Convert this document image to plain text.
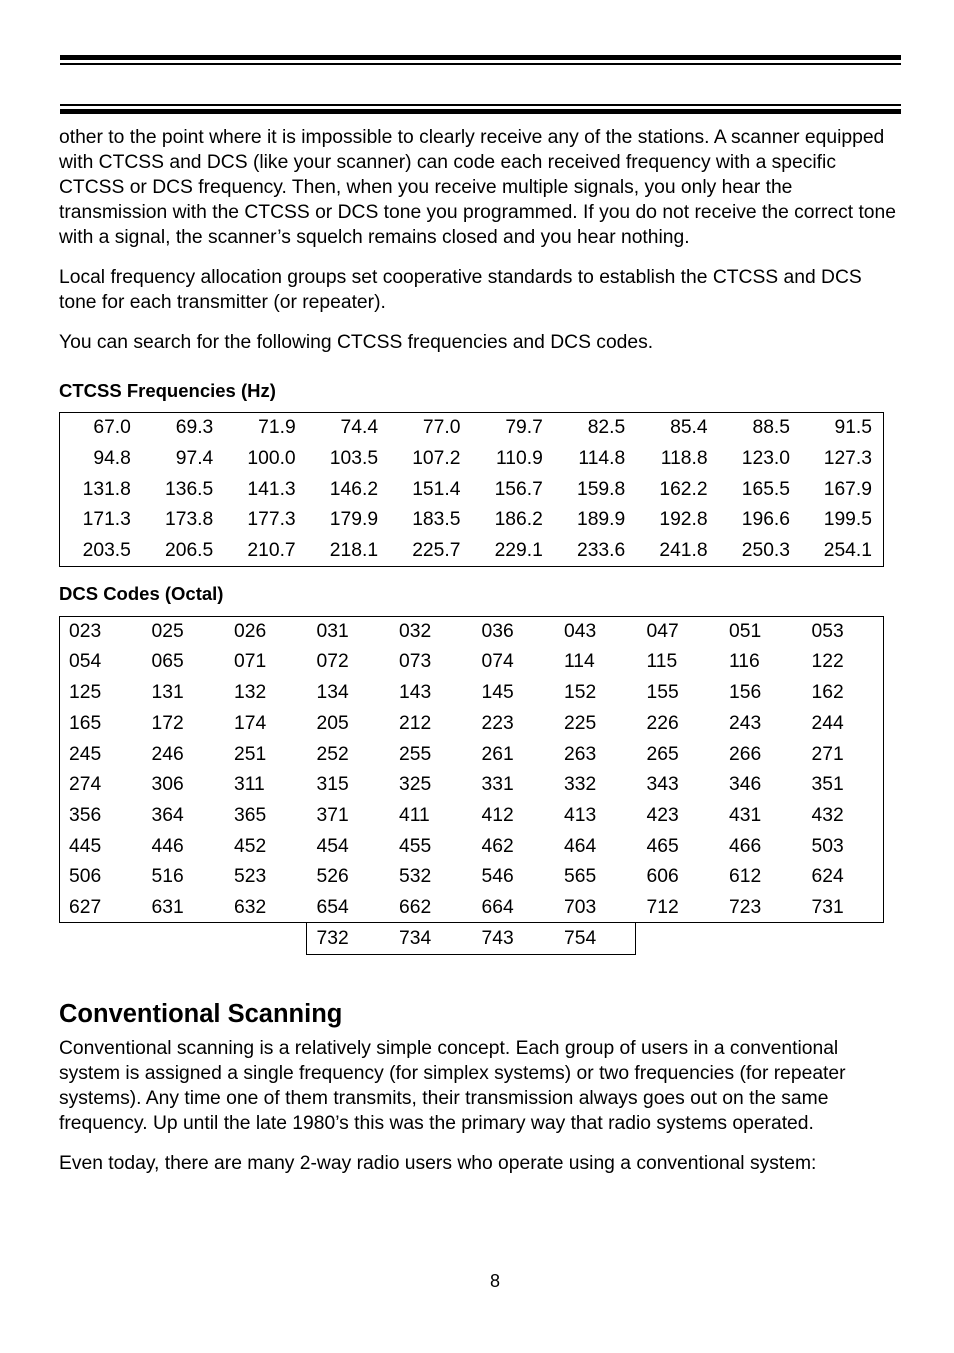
other to the point where it is impossible to clearly receive any of the stations. A scanner equipped with CTCSS and DCS (like your scanner) can code each received frequency with a specific CTCSS or DCS frequency. Then, when you receive multiple signals, you only hear the transmission with the CTCSS or DCS tone you programmed. If you do not receive the correct tone with a signal, the scanner’s squelch remains closed and you hear nothing.

Local frequency allocation groups set cooperative standards to establish the CTCSS and DCS tone for each transmitter (or repeater).

You can search for the following CTCSS frequencies and DCS codes.

CTCSS Frequencies (Hz)
67.0	69.3	71.9	74.4	77.0	79.7	82.5	85.4	88.5	91.5
94.8	97.4	100.0	103.5	107.2	110.9	114.8	118.8	123.0	127.3
131.8	136.5	141.3	146.2	151.4	156.7	159.8	162.2	165.5	167.9
171.3	173.8	177.3	179.9	183.5	186.2	189.9	192.8	196.6	199.5
203.5	206.5	210.7	218.1	225.7	229.1	233.6	241.8	250.3	254.1
DCS Codes (Octal)
023	025	026	031	032	036	043	047	051	053
054	065	071	072	073	074	114	115	116	122
125	131	132	134	143	145	152	155	156	162
165	172	174	205	212	223	225	226	243	244
245	246	251	252	255	261	263	265	266	271
274	306	311	315	325	331	332	343	346	351
356	364	365	371	411	412	413	423	431	432
445	446	452	454	455	462	464	465	466	503
506	516	523	526	532	546	565	606	612	624
627	631	632	654	662	664	703	712	723	731
			732	734	743	754			
Conventional Scanning

Conventional scanning is a relatively simple concept. Each group of users in a conventional system is assigned a single frequency (for simplex systems) or two frequencies (for repeater systems). Any time one of them transmits, their transmission always goes out on the same frequency. Up until the late 1980’s this was the primary way that radio systems operated.

Even today, there are many 2-way radio users who operate using a conventional system:

8
